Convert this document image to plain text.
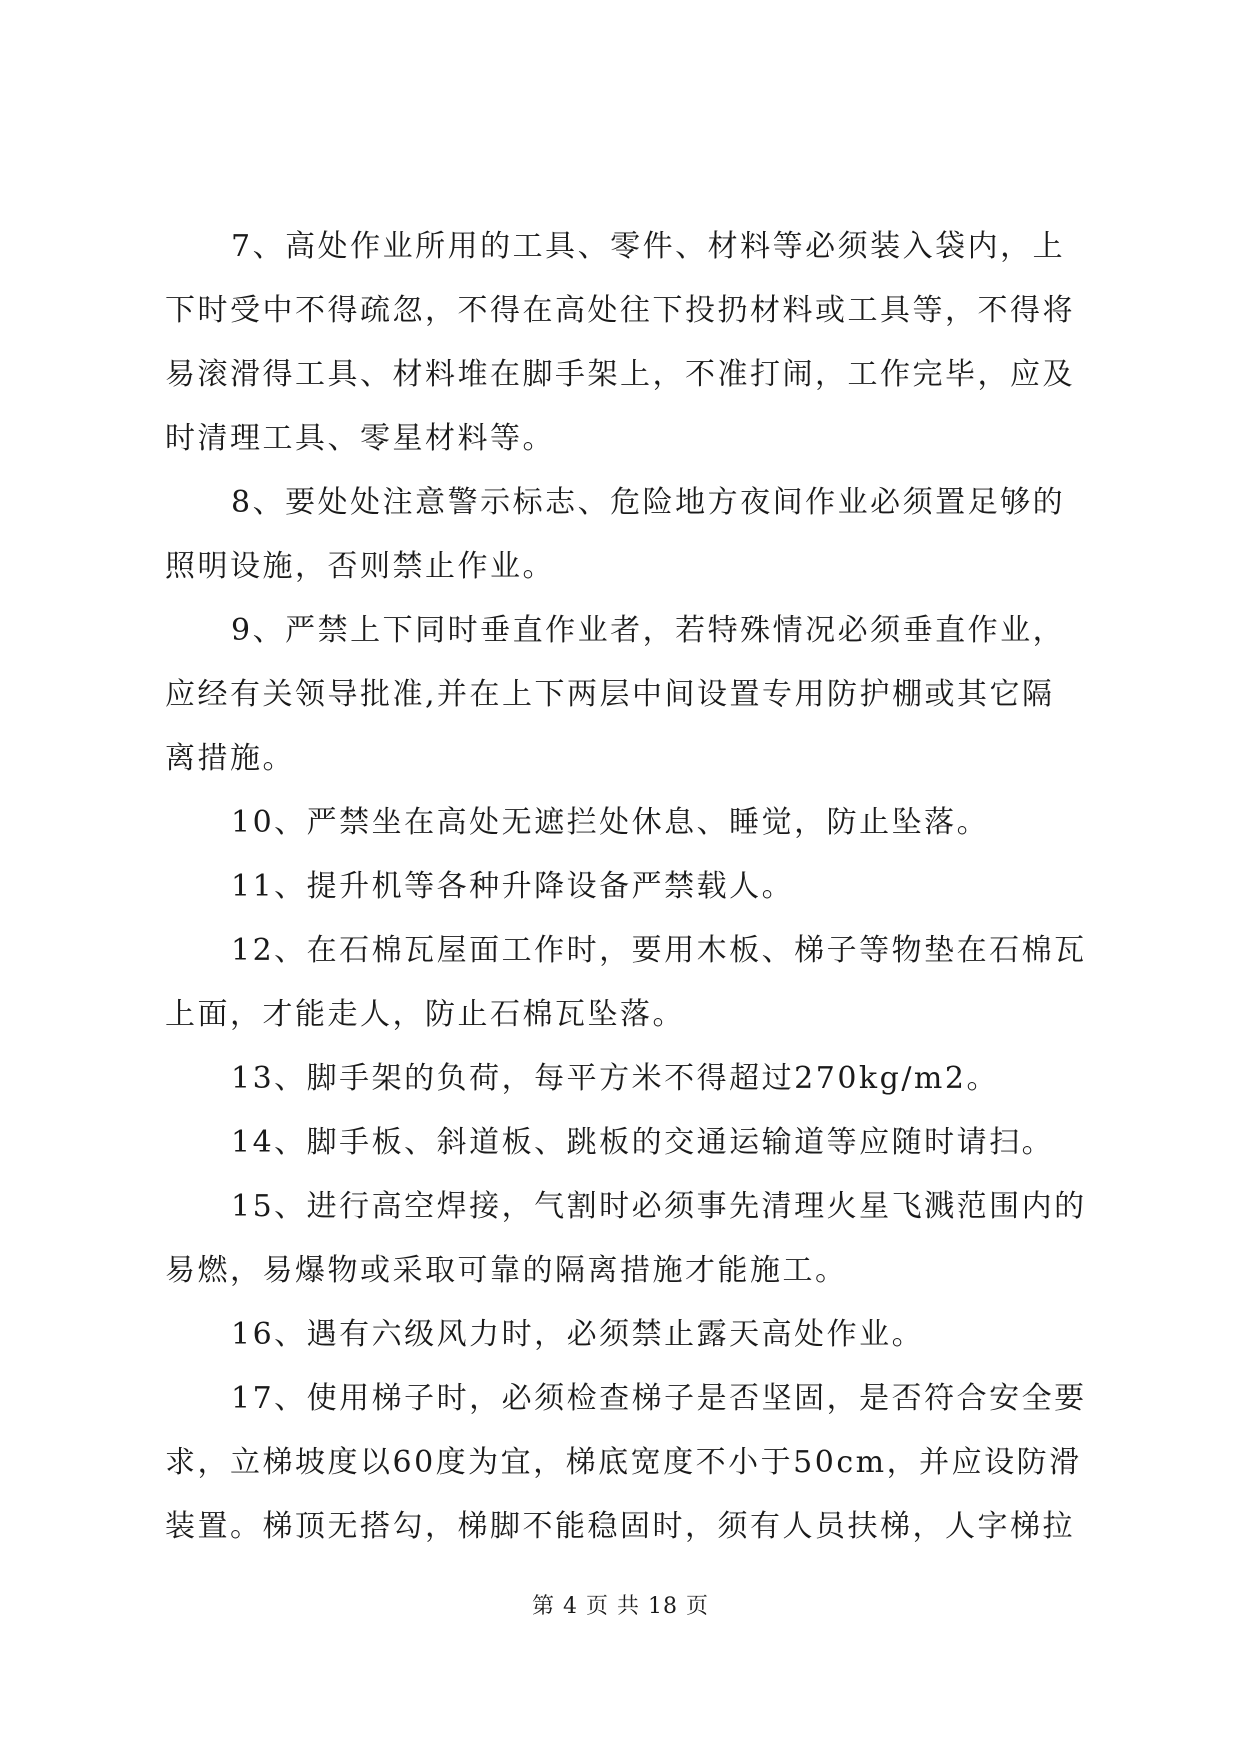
7、高处作业所用的工具、零件、材料等必须装入袋内，上
下时受中不得疏忽，不得在高处往下投扔材料或工具等，不得将
易滚滑得工具、材料堆在脚手架上，不准打闹，工作完毕，应及
时清理工具、零星材料等。
8、要处处注意警示标志、危险地方夜间作业必须置足够的
照明设施，否则禁止作业。
9、严禁上下同时垂直作业者，若特殊情况必须垂直作业，
应经有关领导批准,并在上下两层中间设置专用防护棚或其它隔
离措施。
10、严禁坐在高处无遮拦处休息、睡觉，防止坠落。
11、提升机等各种升降设备严禁载人。
12、在石棉瓦屋面工作时，要用木板、梯子等物垫在石棉瓦
上面，才能走人，防止石棉瓦坠落。
13、脚手架的负荷，每平方米不得超过270kg/m2。
14、脚手板、斜道板、跳板的交通运输道等应随时请扫。
15、进行高空焊接，气割时必须事先清理火星飞溅范围内的
易燃，易爆物或采取可靠的隔离措施才能施工。
16、遇有六级风力时，必须禁止露天高处作业。
17、使用梯子时，必须检查梯子是否坚固，是否符合安全要
求，立梯坡度以60度为宜，梯底宽度不小于50cm，并应设防滑
装置。梯顶无搭勾，梯脚不能稳固时，须有人员扶梯，人字梯拉
第 4 页 共 18 页
